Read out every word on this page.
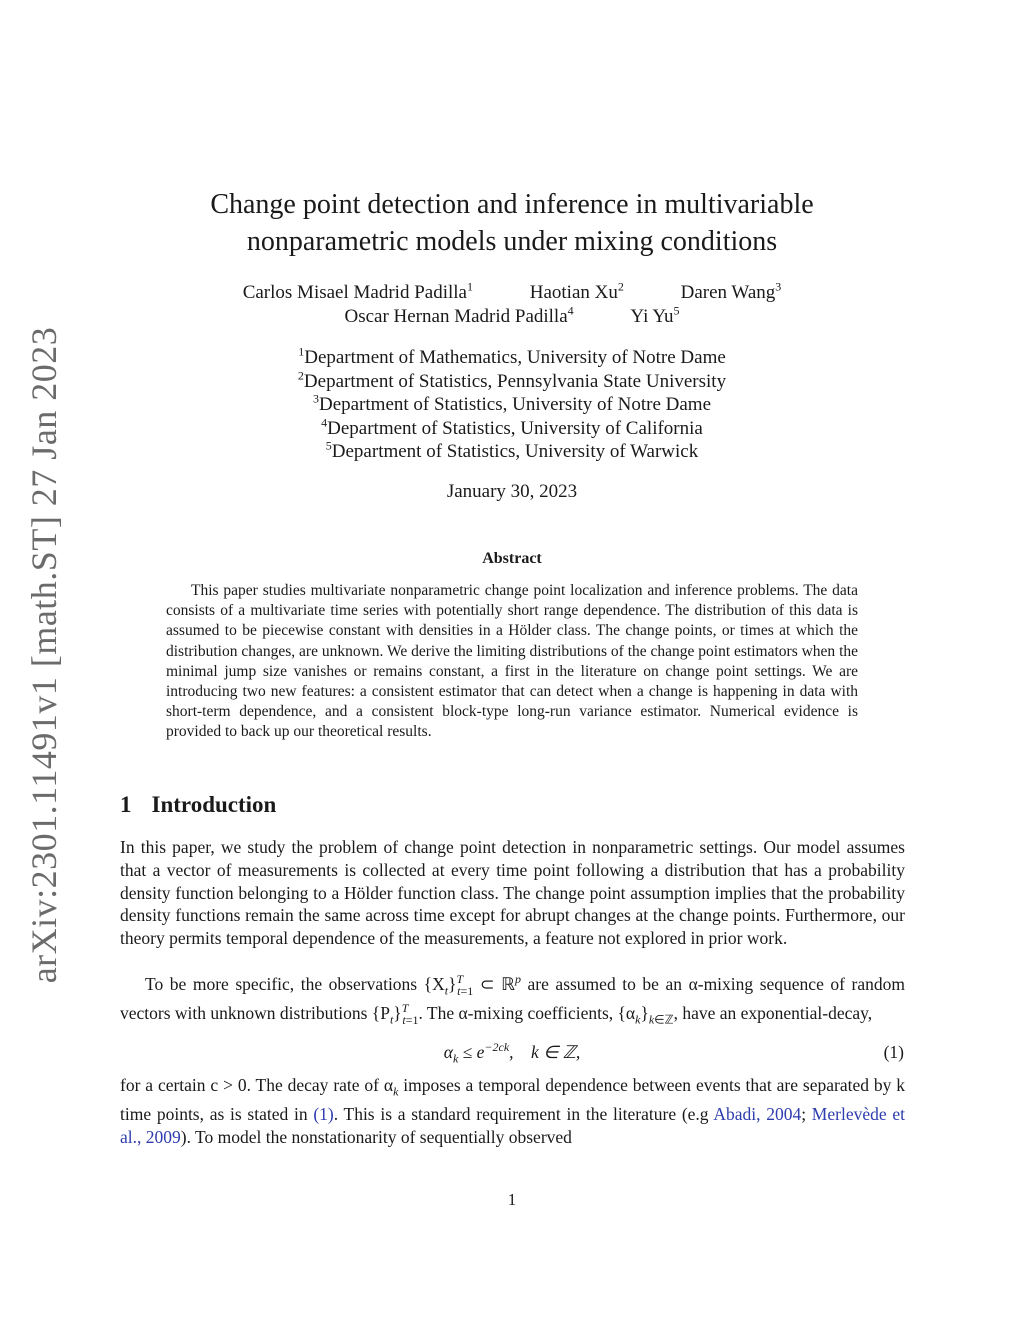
arXiv:2301.11491v1 [math.ST] 27 Jan 2023
Change point detection and inference in multivariable
nonparametric models under mixing conditions
Carlos Misael Madrid Padilla$^1$	Haotian Xu$^2$	Daren Wang$^3$
Oscar Hernan Madrid Padilla$^4$	Yi Yu$^5$
$^1$Department of Mathematics, University of Notre Dame
$^2$Department of Statistics, Pennsylvania State University
$^3$Department of Statistics, University of Notre Dame
$^4$Department of Statistics, University of California
$^5$Department of Statistics, University of Warwick
January 30, 2023
Abstract
This paper studies multivariate nonparametric change point localization and inference problems. The data consists of a multivariate time series with potentially short range dependence. The distribution of this data is assumed to be piecewise constant with densities in a Hölder class. The change points, or times at which the distribution changes, are unknown. We derive the limiting distributions of the change point estimators when the minimal jump size vanishes or remains constant, a first in the literature on change point settings. We are introducing two new features: a consistent estimator that can detect when a change is happening in data with short-term dependence, and a consistent block-type long-run variance estimator. Numerical evidence is provided to back up our theoretical results.
1 Introduction
In this paper, we study the problem of change point detection in nonparametric settings. Our model assumes that a vector of measurements is collected at every time point following a distribution that has a probability density function belonging to a Hölder function class. The change point assumption implies that the probability density functions remain the same across time except for abrupt changes at the change points. Furthermore, our theory permits temporal dependence of the measurements, a feature not explored in prior work.
To be more specific, the observations $\{X_t\}^T_{t=1}$ ⊂ ℝ$^p$ are assumed to be an α-mixing sequence of random vectors with unknown distributions $\{P_t\}^T_{t=1}$. The α-mixing coefficients, $\{\alpha_k\}_{k\in ℤ}$, have an exponential-decay,
$\alpha_k \le e^{-2ck}$,    k ∈ ℤ,	(1)
for a certain c > 0. The decay rate of $\alpha_k$ imposes a temporal dependence between events that are separated by k time points, as is stated in (1). This is a standard requirement in the literature (e.g Abadi, 2004; Merlevède et al., 2009). To model the nonstationarity of sequentially observed
1
